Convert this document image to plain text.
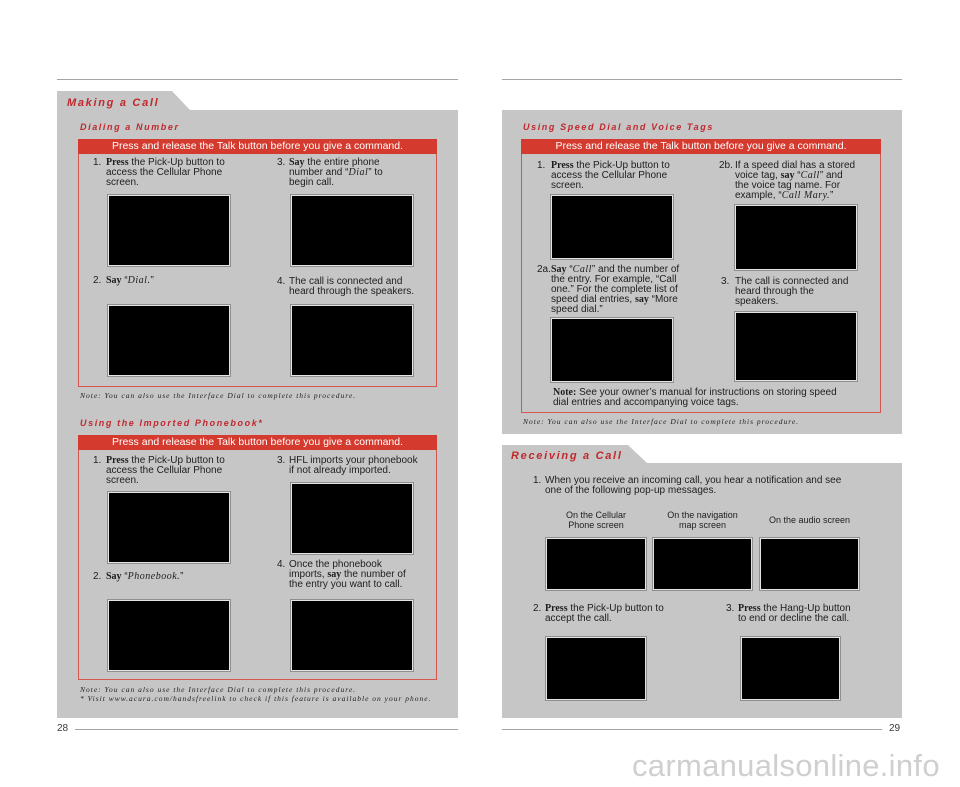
Making a Call
Dialing a Number
Press and release the Talk button before you give a command.
1. Press the Pick-Up button to
access the Cellular Phone
screen.
3. Say the entire phone
number and “Dial” to
begin call.
2. Say “Dial.”	4. The call is connected and
heard through the speakers.
Note: You can also use the Interface Dial to complete this procedure.
Using the Imported Phonebook*
Press and release the Talk button before you give a command.
1. Press the Pick-Up button to
access the Cellular Phone
screen.
3. HFL imports your phonebook
if not already imported.
2. Say “Phonebook.”
4. Once the phonebook
imports, say the number of
the entry you want to call.
Note: You can also use the Interface Dial to complete this procedure.
* Visit www.acura.com/handsfreelink to check if this feature is available on your phone.
28
Using Speed Dial and Voice Tags
Press and release the Talk button before you give a command.
1. Press the Pick-Up button to
access the Cellular Phone
screen.
2b. If a speed dial has a stored
voice tag, say “Call” and
the voice tag name. For
example, “Call Mary.”
2a. Say “Call” and the number of
the entry. For example, “Call
one.” For the complete list of
speed dial entries, say “More
speed dial.”
3. The call is connected and
heard through the
speakers.
Note: See your owner’s manual for instructions on storing speed
dial entries and accompanying voice tags.
Note: You can also use the Interface Dial to complete this procedure.
Receiving a Call
1. When you receive an incoming call, you hear a notification and see
one of the following pop-up messages.
On the Cellular
Phone screen
On the navigation
map screen	On the audio screen
2. Press the Pick-Up button to
accept the call.
3. Press the Hang-Up button
to end or decline the call.
29
carmanualsonline.info
